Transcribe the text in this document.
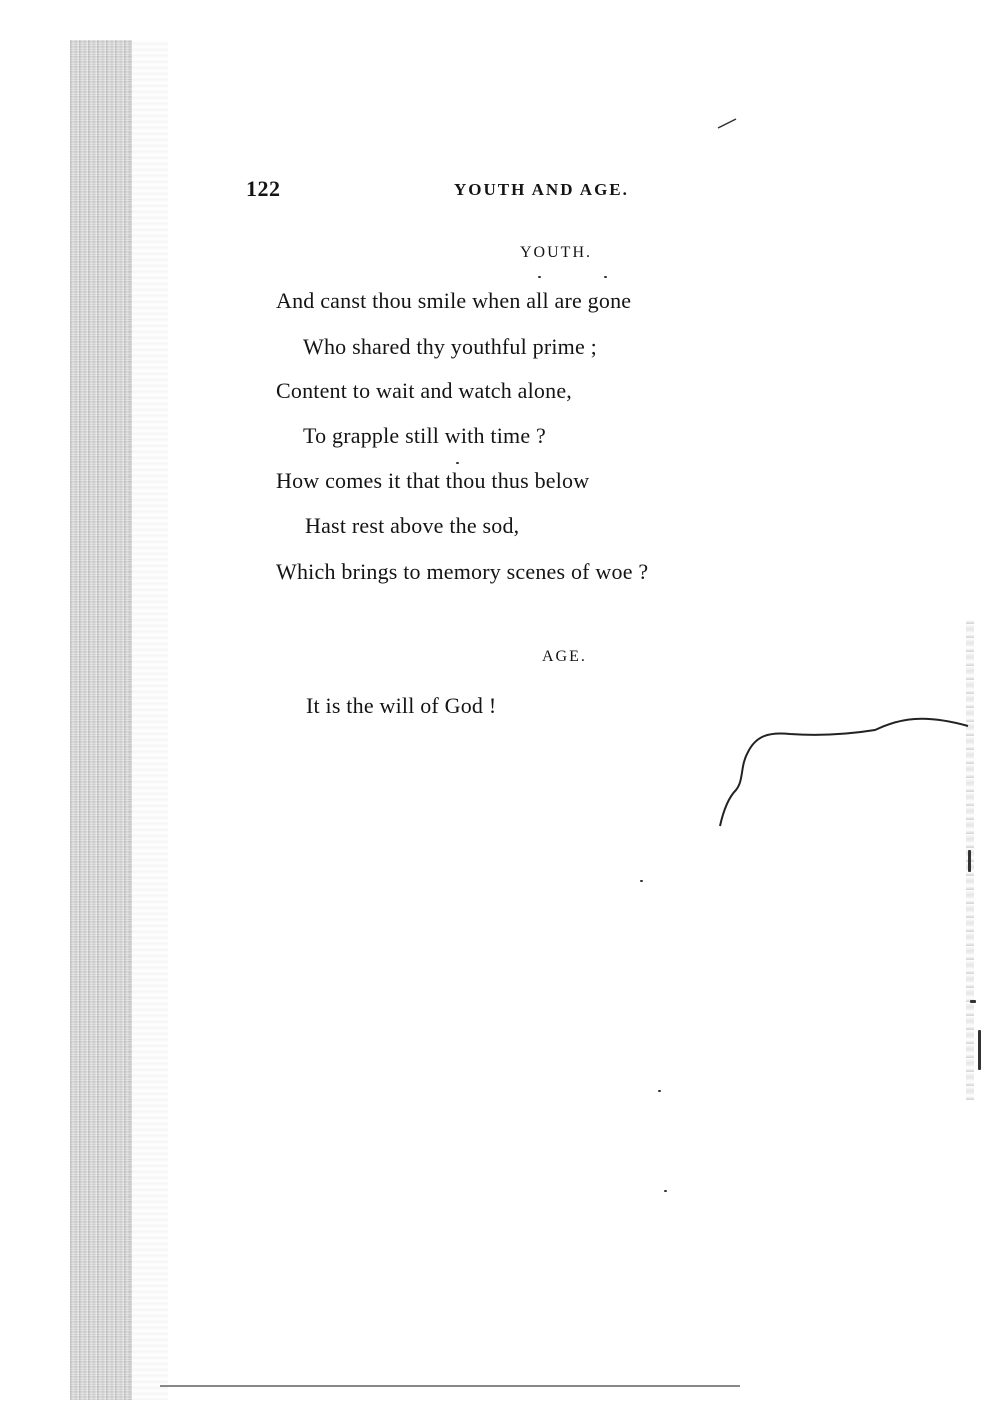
122	YOUTH AND AGE.
YOUTH.
And canst thou smile when all are gone
Who shared thy youthful prime ;
Content to wait and watch alone,
To grapple still with time ?
How comes it that thou thus below
Hast rest above the sod,
Which brings to memory scenes of woe ?
AGE.
It is the will of God !
